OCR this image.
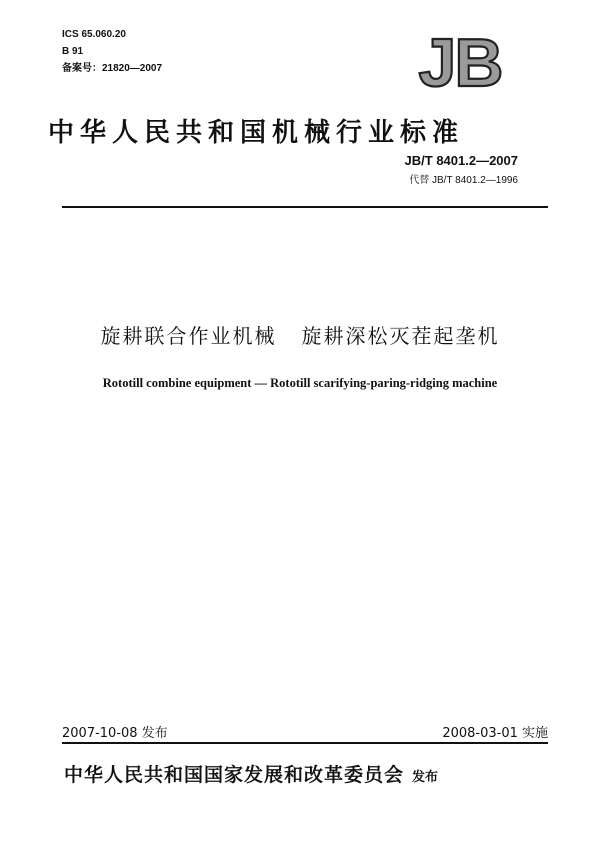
ICS 65.060.20
B 91
备案号：21820—2007	JB
中华人民共和国机械行业标准
JB/T 8401.2—2007
代替 JB/T 8401.2—1996
旋耕联合作业机械   旋耕深松灭茬起垄机
Rototill combine equipment — Rototill scarifying-paring-ridging machine
2007-10-08 发布	2008-03-01 实施
中华人民共和国国家发展和改革委员会 发布
